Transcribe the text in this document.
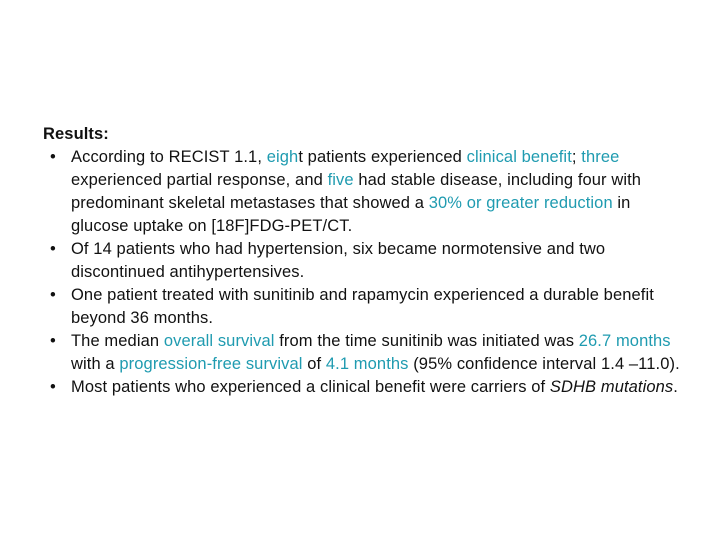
Results:

• According to RECIST 1.1, eight patients experienced clinical benefit; three experienced partial response, and five had stable disease, including four with predominant skeletal metastases that showed a 30% or greater reduction in glucose uptake on [18F]FDG-PET/CT.
• Of 14 patients who had hypertension, six became normotensive and two discontinued antihypertensives.
• One patient treated with sunitinib and rapamycin experienced a durable benefit beyond 36 months.
• The median overall survival from the time sunitinib was initiated was 26.7 months with a progression-free survival of 4.1 months (95% confidence interval 1.4 –11.0).
• Most patients who experienced a clinical benefit were carriers of SDHB mutations.
